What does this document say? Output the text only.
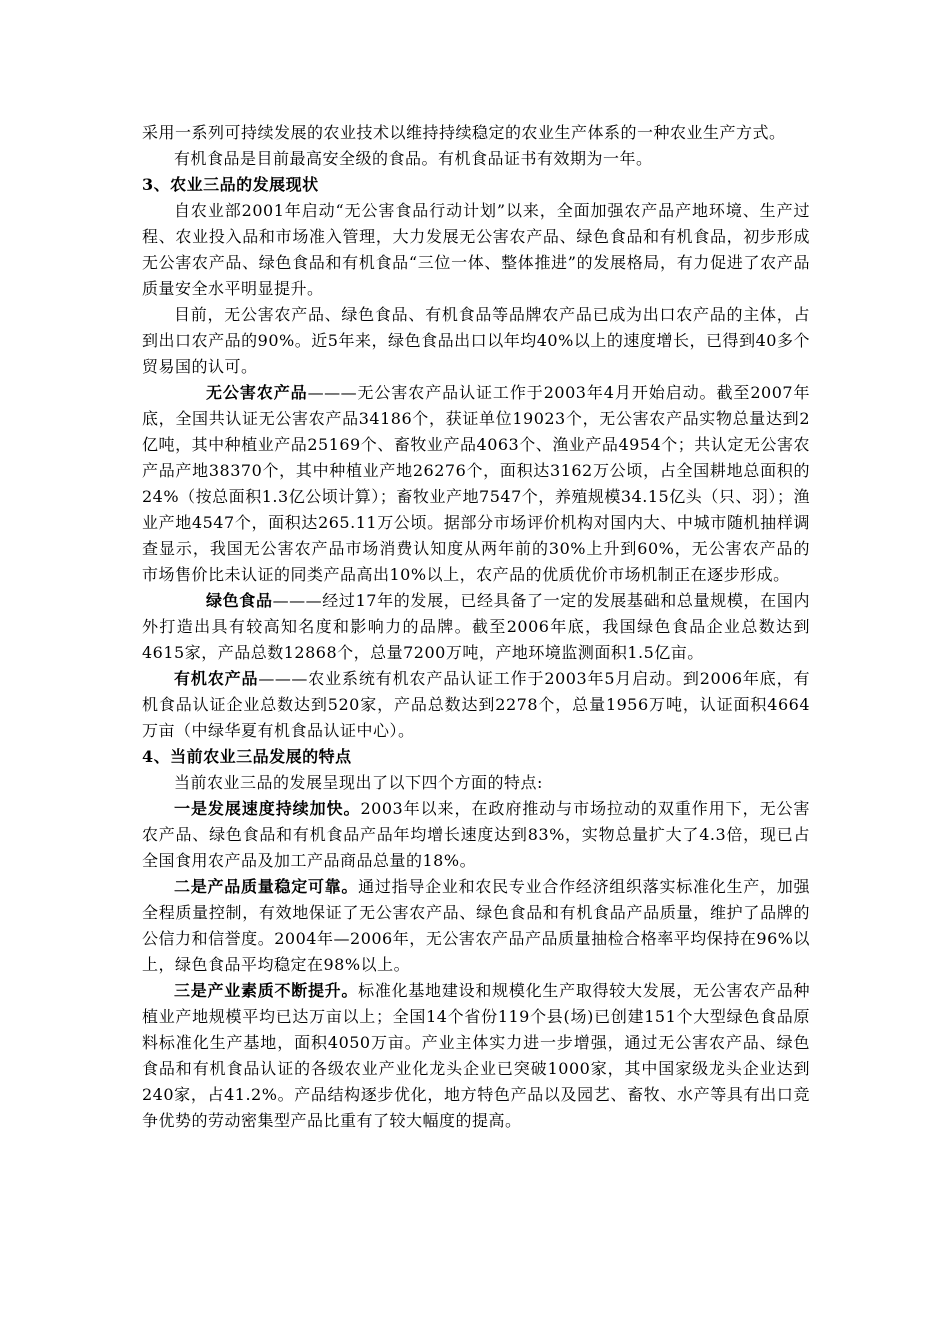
采用一系列可持续发展的农业技术以维持持续稳定的农业生产体系的一种农业生产方式。

有机食品是目前最高安全级的食品。有机食品证书有效期为一年。

3、农业三品的发展现状

自农业部2001年启动“无公害食品行动计划”以来，全面加强农产品产地环境、生产过程、农业投入品和市场准入管理，大力发展无公害农产品、绿色食品和有机食品，初步形成无公害农产品、绿色食品和有机食品“三位一体、整体推进”的发展格局，有力促进了农产品质量安全水平明显提升。

目前，无公害农产品、绿色食品、有机食品等品牌农产品已成为出口农产品的主体，占到出口农产品的90%。近5年来，绿色食品出口以年均40%以上的速度增长，已得到40多个贸易国的认可。

无公害农产品———无公害农产品认证工作于2003年4月开始启动。截至2007年底，全国共认证无公害农产品34186个，获证单位19023个，无公害农产品实物总量达到2亿吨，其中种植业产品25169个、畜牧业产品4063个、渔业产品4954个；共认定无公害农产品产地38370个，其中种植业产地26276个，面积达3162万公顷，占全国耕地总面积的24%（按总面积1.3亿公顷计算）；畜牧业产地7547个，养殖规模34.15亿头（只、羽）；渔业产地4547个，面积达265.11万公顷。据部分市场评价机构对国内大、中城市随机抽样调查显示，我国无公害农产品市场消费认知度从两年前的30%上升到60%，无公害农产品的市场售价比未认证的同类产品高出10%以上，农产品的优质优价市场机制正在逐步形成。

绿色食品———经过17年的发展，已经具备了一定的发展基础和总量规模，在国内外打造出具有较高知名度和影响力的品牌。截至2006年底，我国绿色食品企业总数达到4615家，产品总数12868个，总量7200万吨，产地环境监测面积1.5亿亩。

有机农产品———农业系统有机农产品认证工作于2003年5月启动。到2006年底，有机食品认证企业总数达到520家，产品总数达到2278个，总量1956万吨，认证面积4664万亩（中绿华夏有机食品认证中心）。

4、当前农业三品发展的特点

当前农业三品的发展呈现出了以下四个方面的特点:

一是发展速度持续加快。2003年以来，在政府推动与市场拉动的双重作用下，无公害农产品、绿色食品和有机食品产品年均增长速度达到83%，实物总量扩大了4.3倍，现已占全国食用农产品及加工产品商品总量的18%。

二是产品质量稳定可靠。通过指导企业和农民专业合作经济组织落实标准化生产，加强全程质量控制，有效地保证了无公害农产品、绿色食品和有机食品产品质量，维护了品牌的公信力和信誉度。2004年—2006年，无公害农产品产品质量抽检合格率平均保持在96%以上，绿色食品平均稳定在98%以上。

三是产业素质不断提升。标准化基地建设和规模化生产取得较大发展，无公害农产品种植业产地规模平均已达万亩以上；全国14个省份119个县(场)已创建151个大型绿色食品原料标准化生产基地，面积4050万亩。产业主体实力进一步增强，通过无公害农产品、绿色食品和有机食品认证的各级农业产业化龙头企业已突破1000家，其中国家级龙头企业达到240家，占41.2%。产品结构逐步优化，地方特色产品以及园艺、畜牧、水产等具有出口竞争优势的劳动密集型产品比重有了较大幅度的提高。
